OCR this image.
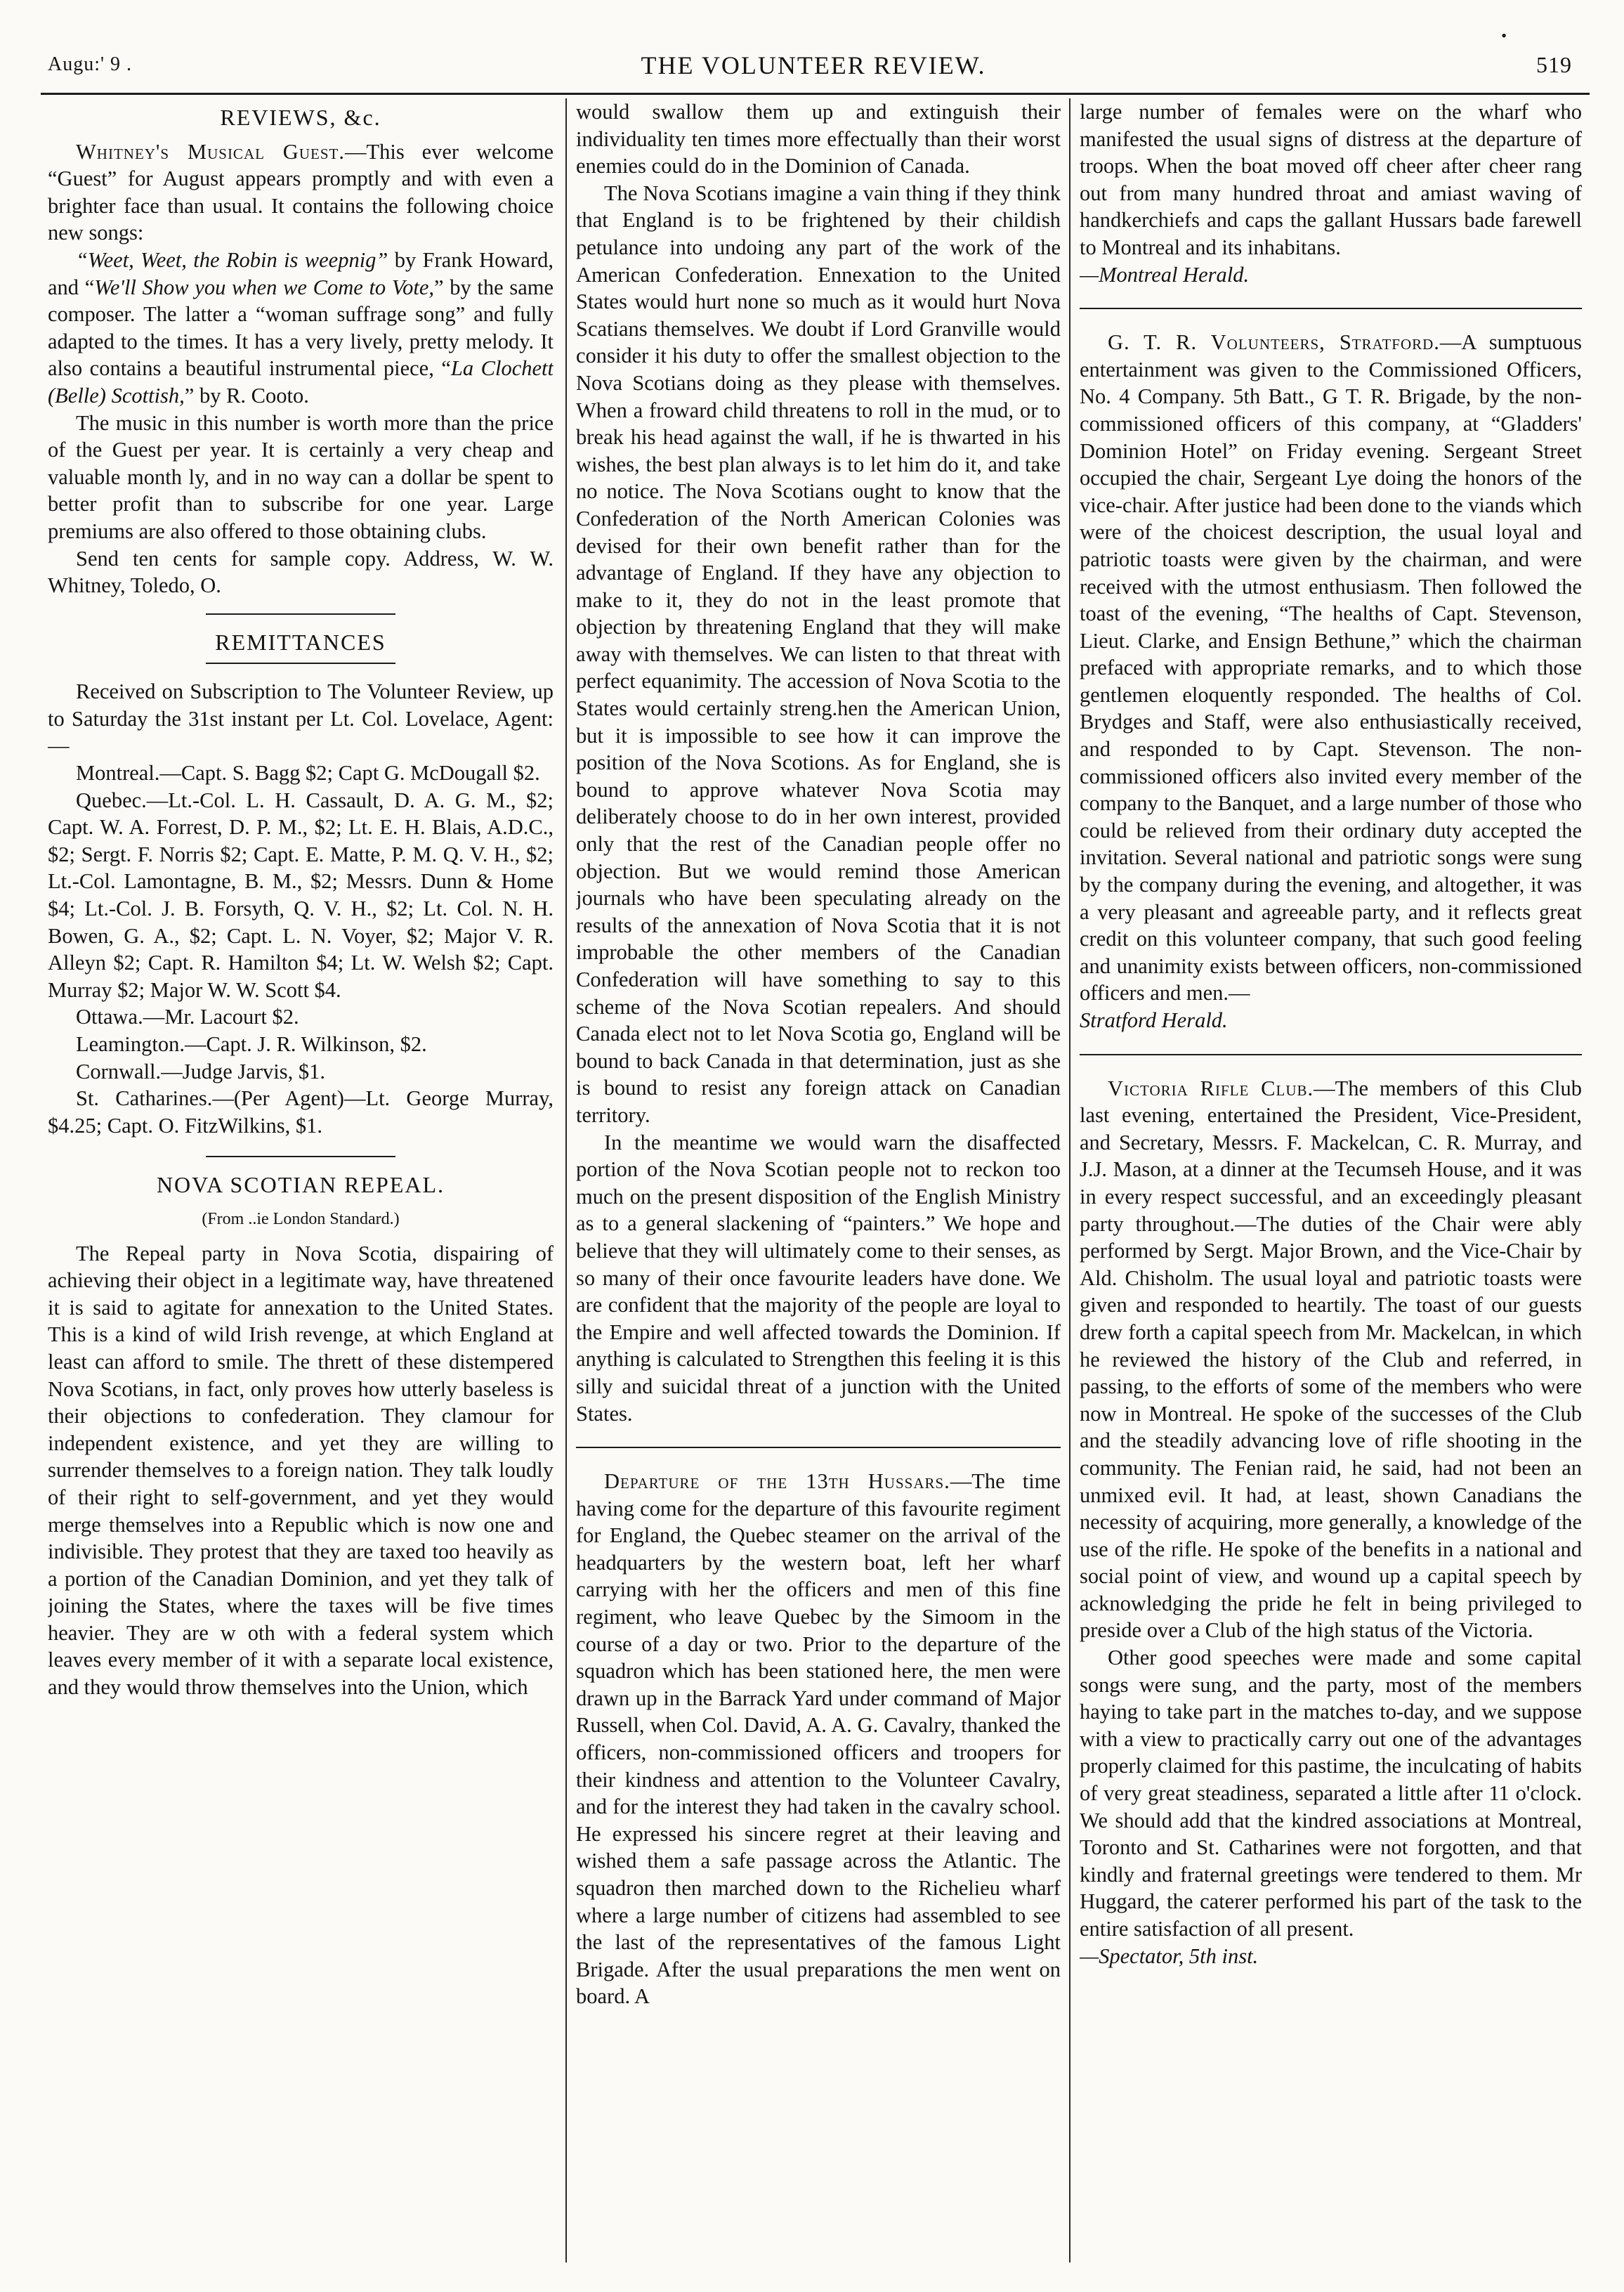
Augu:' 9 .	THE VOLUNTEER REVIEW.
•
519
REVIEWS, &c.

Whitney's Musical Guest.—This ever welcome “Guest” for August appears promptly and with even a brighter face than usual. It contains the following choice new songs:

“Weet, Weet, the Robin is weepnig” by Frank Howard, and “We'll Show you when we Come to Vote,” by the same composer. The latter a “woman suffrage song” and fully adapted to the times. It has a very lively, pretty melody. It also contains a beautiful instrumental piece, “La Clochett (Belle) Scottish,” by R. Cooto.

The music in this number is worth more than the price of the Guest per year. It is certainly a very cheap and valuable month ly, and in no way can a dollar be spent to better profit than to subscribe for one year. Large premiums are also offered to those obtaining clubs.

Send ten cents for sample copy. Address, W. W. Whitney, Toledo, O.

REMITTANCES

Received on Subscription to The Volunteer Review, up to Saturday the 31st instant per Lt. Col. Lovelace, Agent:—

Montreal.—Capt. S. Bagg $2; Capt G. McDougall $2.

Quebec.—Lt.-Col. L. H. Cassault, D. A. G. M., $2; Capt. W. A. Forrest, D. P. M., $2; Lt. E. H. Blais, A.D.C., $2; Sergt. F. Norris $2; Capt. E. Matte, P. M. Q. V. H., $2; Lt.-Col. Lamontagne, B. M., $2; Messrs. Dunn & Home $4; Lt.-Col. J. B. Forsyth, Q. V. H., $2; Lt. Col. N. H. Bowen, G. A., $2; Capt. L. N. Voyer, $2; Major V. R. Alleyn $2; Capt. R. Hamilton $4; Lt. W. Welsh $2; Capt. Murray $2; Major W. W. Scott $4.

Ottawa.—Mr. Lacourt $2.

Leamington.—Capt. J. R. Wilkinson, $2.

Cornwall.—Judge Jarvis, $1.

St. Catharines.—(Per Agent)—Lt. George Murray, $4.25; Capt. O. FitzWilkins, $1.

NOVA SCOTIAN REPEAL.
(From ..ie London Standard.)

The Repeal party in Nova Scotia, dispairing of achieving their object in a legitimate way, have threatened it is said to agitate for annexation to the United States. This is a kind of wild Irish revenge, at which England at least can afford to smile. The thrett of these distempered Nova Scotians, in fact, only proves how utterly baseless is their objections to confederation. They clamour for independent existence, and yet they are willing to surrender themselves to a foreign nation. They talk loudly of their right to self-government, and yet they would merge themselves into a Republic which is now one and indivisible. They protest that they are taxed too heavily as a portion of the Canadian Dominion, and yet they talk of joining the States, where the taxes will be five times heavier. They are w oth with a federal system which leaves every member of it with a separate local existence, and they would throw themselves into the Union, which

would swallow them up and extinguish their individuality ten times more effectually than their worst enemies could do in the Dominion of Canada.

The Nova Scotians imagine a vain thing if they think that England is to be frightened by their childish petulance into undoing any part of the work of the American Confederation. Ennexation to the United States would hurt none so much as it would hurt Nova Scatians themselves. We doubt if Lord Granville would consider it his duty to offer the smallest objection to the Nova Scotians doing as they please with themselves. When a froward child threatens to roll in the mud, or to break his head against the wall, if he is thwarted in his wishes, the best plan always is to let him do it, and take no notice. The Nova Scotians ought to know that the Confederation of the North American Colonies was devised for their own benefit rather than for the advantage of England. If they have any objection to make to it, they do not in the least promote that objection by threatening England that they will make away with themselves. We can listen to that threat with perfect equanimity. The accession of Nova Scotia to the States would certainly streng.hen the American Union, but it is impossible to see how it can improve the position of the Nova Scotions. As for England, she is bound to approve whatever Nova Scotia may deliberately choose to do in her own interest, provided only that the rest of the Canadian people offer no objection. But we would remind those American journals who have been speculating already on the results of the annexation of Nova Scotia that it is not improbable the other members of the Canadian Confederation will have something to say to this scheme of the Nova Scotian repealers. And should Canada elect not to let Nova Scotia go, England will be bound to back Canada in that determination, just as she is bound to resist any foreign attack on Canadian territory.

In the meantime we would warn the disaffected portion of the Nova Scotian people not to reckon too much on the present disposition of the English Ministry as to a general slackening of “painters.” We hope and believe that they will ultimately come to their senses, as so many of their once favourite leaders have done. We are confident that the majority of the people are loyal to the Empire and well affected towards the Dominion. If anything is calculated to Strengthen this feeling it is this silly and suicidal threat of a junction with the United States.

Departure of the 13th Hussars.—The time having come for the departure of this favourite regiment for England, the Quebec steamer on the arrival of the headquarters by the western boat, left her wharf carrying with her the officers and men of this fine regiment, who leave Quebec by the Simoom in the course of a day or two. Prior to the departure of the squadron which has been stationed here, the men were drawn up in the Barrack Yard under command of Major Russell, when Col. David, A. A. G. Cavalry, thanked the officers, non-commissioned officers and troopers for their kindness and attention to the Volunteer Cavalry, and for the interest they had taken in the cavalry school. He expressed his sincere regret at their leaving and wished them a safe passage across the Atlantic. The squadron then marched down to the Richelieu wharf where a large number of citizens had assembled to see the last of the representatives of the famous Light Brigade. After the usual preparations the men went on board. A

large number of females were on the wharf who manifested the usual signs of distress at the departure of troops. When the boat moved off cheer after cheer rang out from many hundred throat and amiast waving of handkerchiefs and caps the gallant Hussars bade farewell to Montreal and its inhabitans.

—Montreal Herald.

G. T. R. Volunteers, Stratford.—A sumptuous entertainment was given to the Commissioned Officers, No. 4 Company. 5th Batt., G T. R. Brigade, by the non-commissioned officers of this company, at “Gladders' Dominion Hotel” on Friday evening. Sergeant Street occupied the chair, Sergeant Lye doing the honors of the vice-chair. After justice had been done to the viands which were of the choicest description, the usual loyal and patriotic toasts were given by the chairman, and were received with the utmost enthusiasm. Then followed the toast of the evening, “The healths of Capt. Stevenson, Lieut. Clarke, and Ensign Bethune,” which the chairman prefaced with appropriate remarks, and to which those gentlemen eloquently responded. The healths of Col. Brydges and Staff, were also enthusiastically received, and responded to by Capt. Stevenson. The non-commissioned officers also invited every member of the company to the Banquet, and a large number of those who could be relieved from their ordinary duty accepted the invitation. Several national and patriotic songs were sung by the company during the evening, and altogether, it was a very pleasant and agreeable party, and it reflects great credit on this volunteer company, that such good feeling and unanimity exists between officers, non-commissioned officers and men.—

Stratford Herald.

Victoria Rifle Club.—The members of this Club last evening, entertained the President, Vice-President, and Secretary, Messrs. F. Mackelcan, C. R. Murray, and J.J. Mason, at a dinner at the Tecumseh House, and it was in every respect successful, and an exceedingly pleasant party throughout.—The duties of the Chair were ably performed by Sergt. Major Brown, and the Vice-Chair by Ald. Chisholm. The usual loyal and patriotic toasts were given and responded to heartily. The toast of our guests drew forth a capital speech from Mr. Mackelcan, in which he reviewed the history of the Club and referred, in passing, to the efforts of some of the members who were now in Montreal. He spoke of the successes of the Club and the steadily advancing love of rifle shooting in the community. The Fenian raid, he said, had not been an unmixed evil. It had, at least, shown Canadians the necessity of acquiring, more generally, a knowledge of the use of the rifle. He spoke of the benefits in a national and social point of view, and wound up a capital speech by acknowledging the pride he felt in being privileged to preside over a Club of the high status of the Victoria.

Other good speeches were made and some capital songs were sung, and the party, most of the members haying to take part in the matches to-day, and we suppose with a view to practically carry out one of the advantages properly claimed for this pastime, the inculcating of habits of very great steadiness, separated a little after 11 o'clock. We should add that the kindred associations at Montreal, Toronto and St. Catharines were not forgotten, and that kindly and fraternal greetings were tendered to them. Mr Huggard, the caterer performed his part of the task to the entire satisfaction of all present.

—Spectator, 5th inst.
